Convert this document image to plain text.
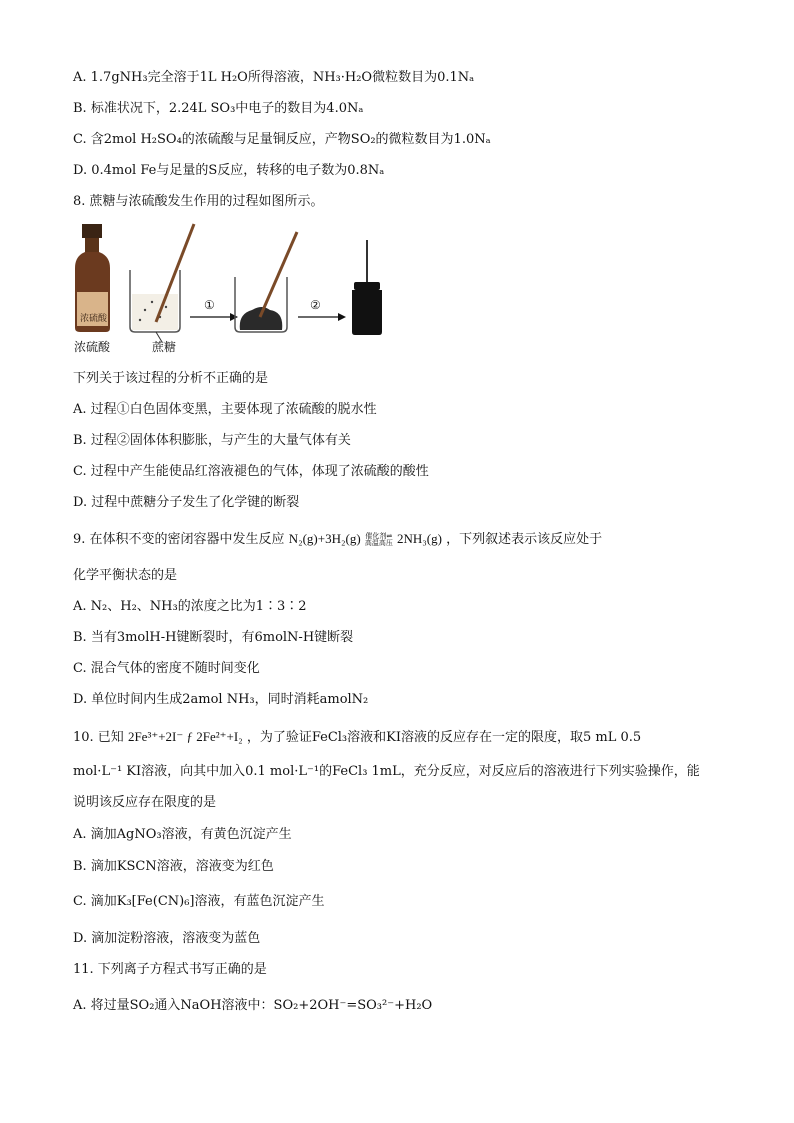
A. 1.7gNH₃完全溶于1L H₂O所得溶液，NH₃·H₂O微粒数目为0.1Nₐ
B. 标准状况下，2.24L SO₃中电子的数目为4.0Nₐ
C. 含2mol H₂SO₄的浓硫酸与足量铜反应，产物SO₂的微粒数目为1.0Nₐ
D. 0.4mol Fe与足量的S反应，转移的电子数为0.8Nₐ
8. 蔗糖与浓硫酸发生作用的过程如图所示。
浓硫酸
①	②
浓硫酸	蔗糖
下列关于该过程的分析不正确的是
A. 过程①白色固体变黑，主要体现了浓硫酸的脱水性
B. 过程②固体体积膨胀，与产生的大量气体有关
C. 过程中产生能使品红溶液褪色的气体，体现了浓硫酸的酸性
D. 过程中蔗糖分子发生了化学键的断裂
9. 在体积不变的密闭容器中发生反应 N₂(g)+3H₂(g) 催化剂⇌
高温高压 2NH₃(g) ，下列叙述表示该反应处于
化学平衡状态的是
A. N₂、H₂、NH₃的浓度之比为1∶3∶2
B. 当有3molH-H键断裂时，有6molN-H键断裂
C. 混合气体的密度不随时间变化
D. 单位时间内生成2amol NH₃，同时消耗amolN₂
10. 已知 2Fe³⁺+2I⁻ ƒ 2Fe²⁺+I₂ ，为了验证FeCl₃溶液和KI溶液的反应存在一定的限度，取5 mL 0.5
mol·L⁻¹ KI溶液，向其中加入0.1 mol·L⁻¹的FeCl₃ 1mL，充分反应，对反应后的溶液进行下列实验操作，能
说明该反应存在限度的是
A. 滴加AgNO₃溶液，有黄色沉淀产生
B. 滴加KSCN溶液，溶液变为红色
C. 滴加K₃[Fe(CN)₆]溶液，有蓝色沉淀产生
D. 滴加淀粉溶液，溶液变为蓝色
11. 下列离子方程式书写正确的是
A. 将过量SO₂通入NaOH溶液中：SO₂+2OH⁻=SO₃²⁻+H₂O
